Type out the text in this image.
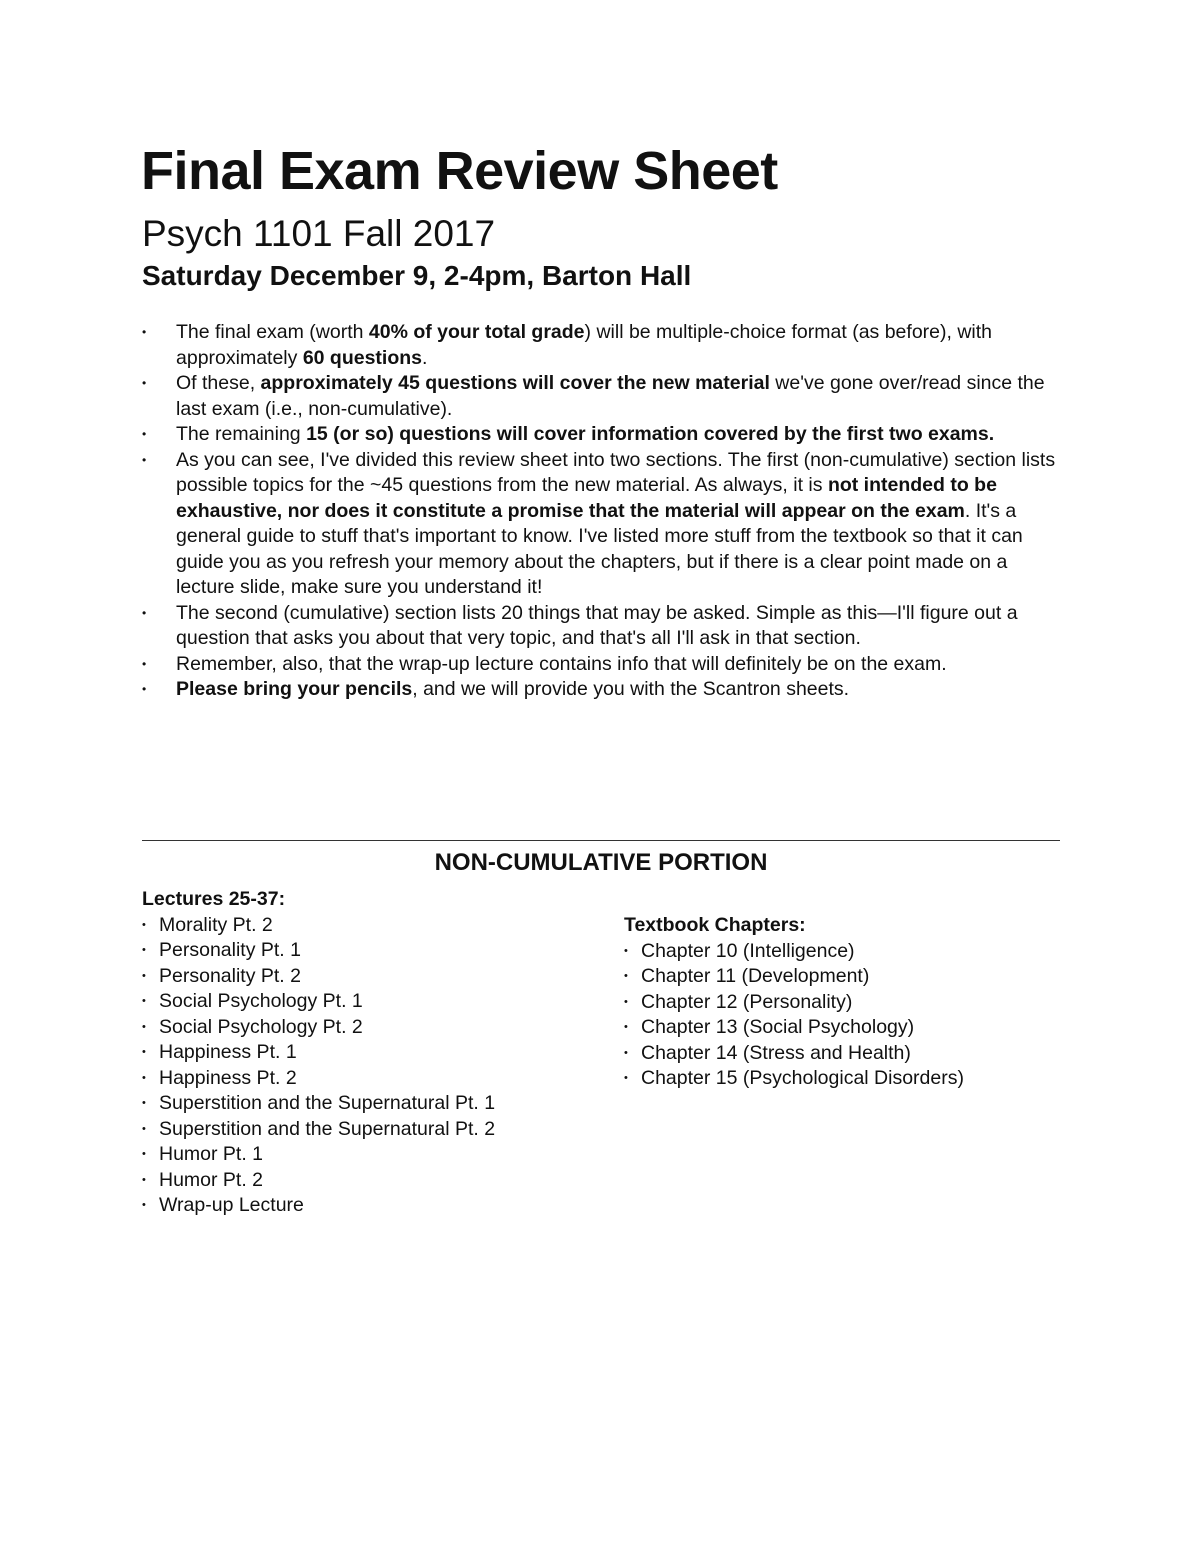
Final Exam Review Sheet
Psych 1101 Fall 2017
Saturday December 9, 2-4pm, Barton Hall
• The final exam (worth 40% of your total grade) will be multiple-choice format (as before), with approximately 60 questions.
• Of these, approximately 45 questions will cover the new material we've gone over/read since the last exam (i.e., non-cumulative).
• The remaining 15 (or so) questions will cover information covered by the first two exams.
• As you can see, I've divided this review sheet into two sections. The first (non-cumulative) section lists possible topics for the ~45 questions from the new material. As always, it is not intended to be exhaustive, nor does it constitute a promise that the material will appear on the exam. It's a general guide to stuff that's important to know. I've listed more stuff from the textbook so that it can guide you as you refresh your memory about the chapters, but if there is a clear point made on a lecture slide, make sure you understand it!
• The second (cumulative) section lists 20 things that may be asked. Simple as this—I'll figure out a question that asks you about that very topic, and that's all I'll ask in that section.
• Remember, also, that the wrap-up lecture contains info that will definitely be on the exam.
• Please bring your pencils, and we will provide you with the Scantron sheets.
NON-CUMULATIVE PORTION

Lectures 25-37:

• Morality Pt. 2
• Personality Pt. 1
• Personality Pt. 2
• Social Psychology Pt. 1
• Social Psychology Pt. 2
• Happiness Pt. 1
• Happiness Pt. 2
• Superstition and the Supernatural Pt. 1
• Superstition and the Supernatural Pt. 2
• Humor Pt. 1
• Humor Pt. 2
• Wrap-up Lecture

Textbook Chapters:

• Chapter 10 (Intelligence)
• Chapter 11 (Development)
• Chapter 12 (Personality)
• Chapter 13 (Social Psychology)
• Chapter 14 (Stress and Health)
• Chapter 15 (Psychological Disorders)
